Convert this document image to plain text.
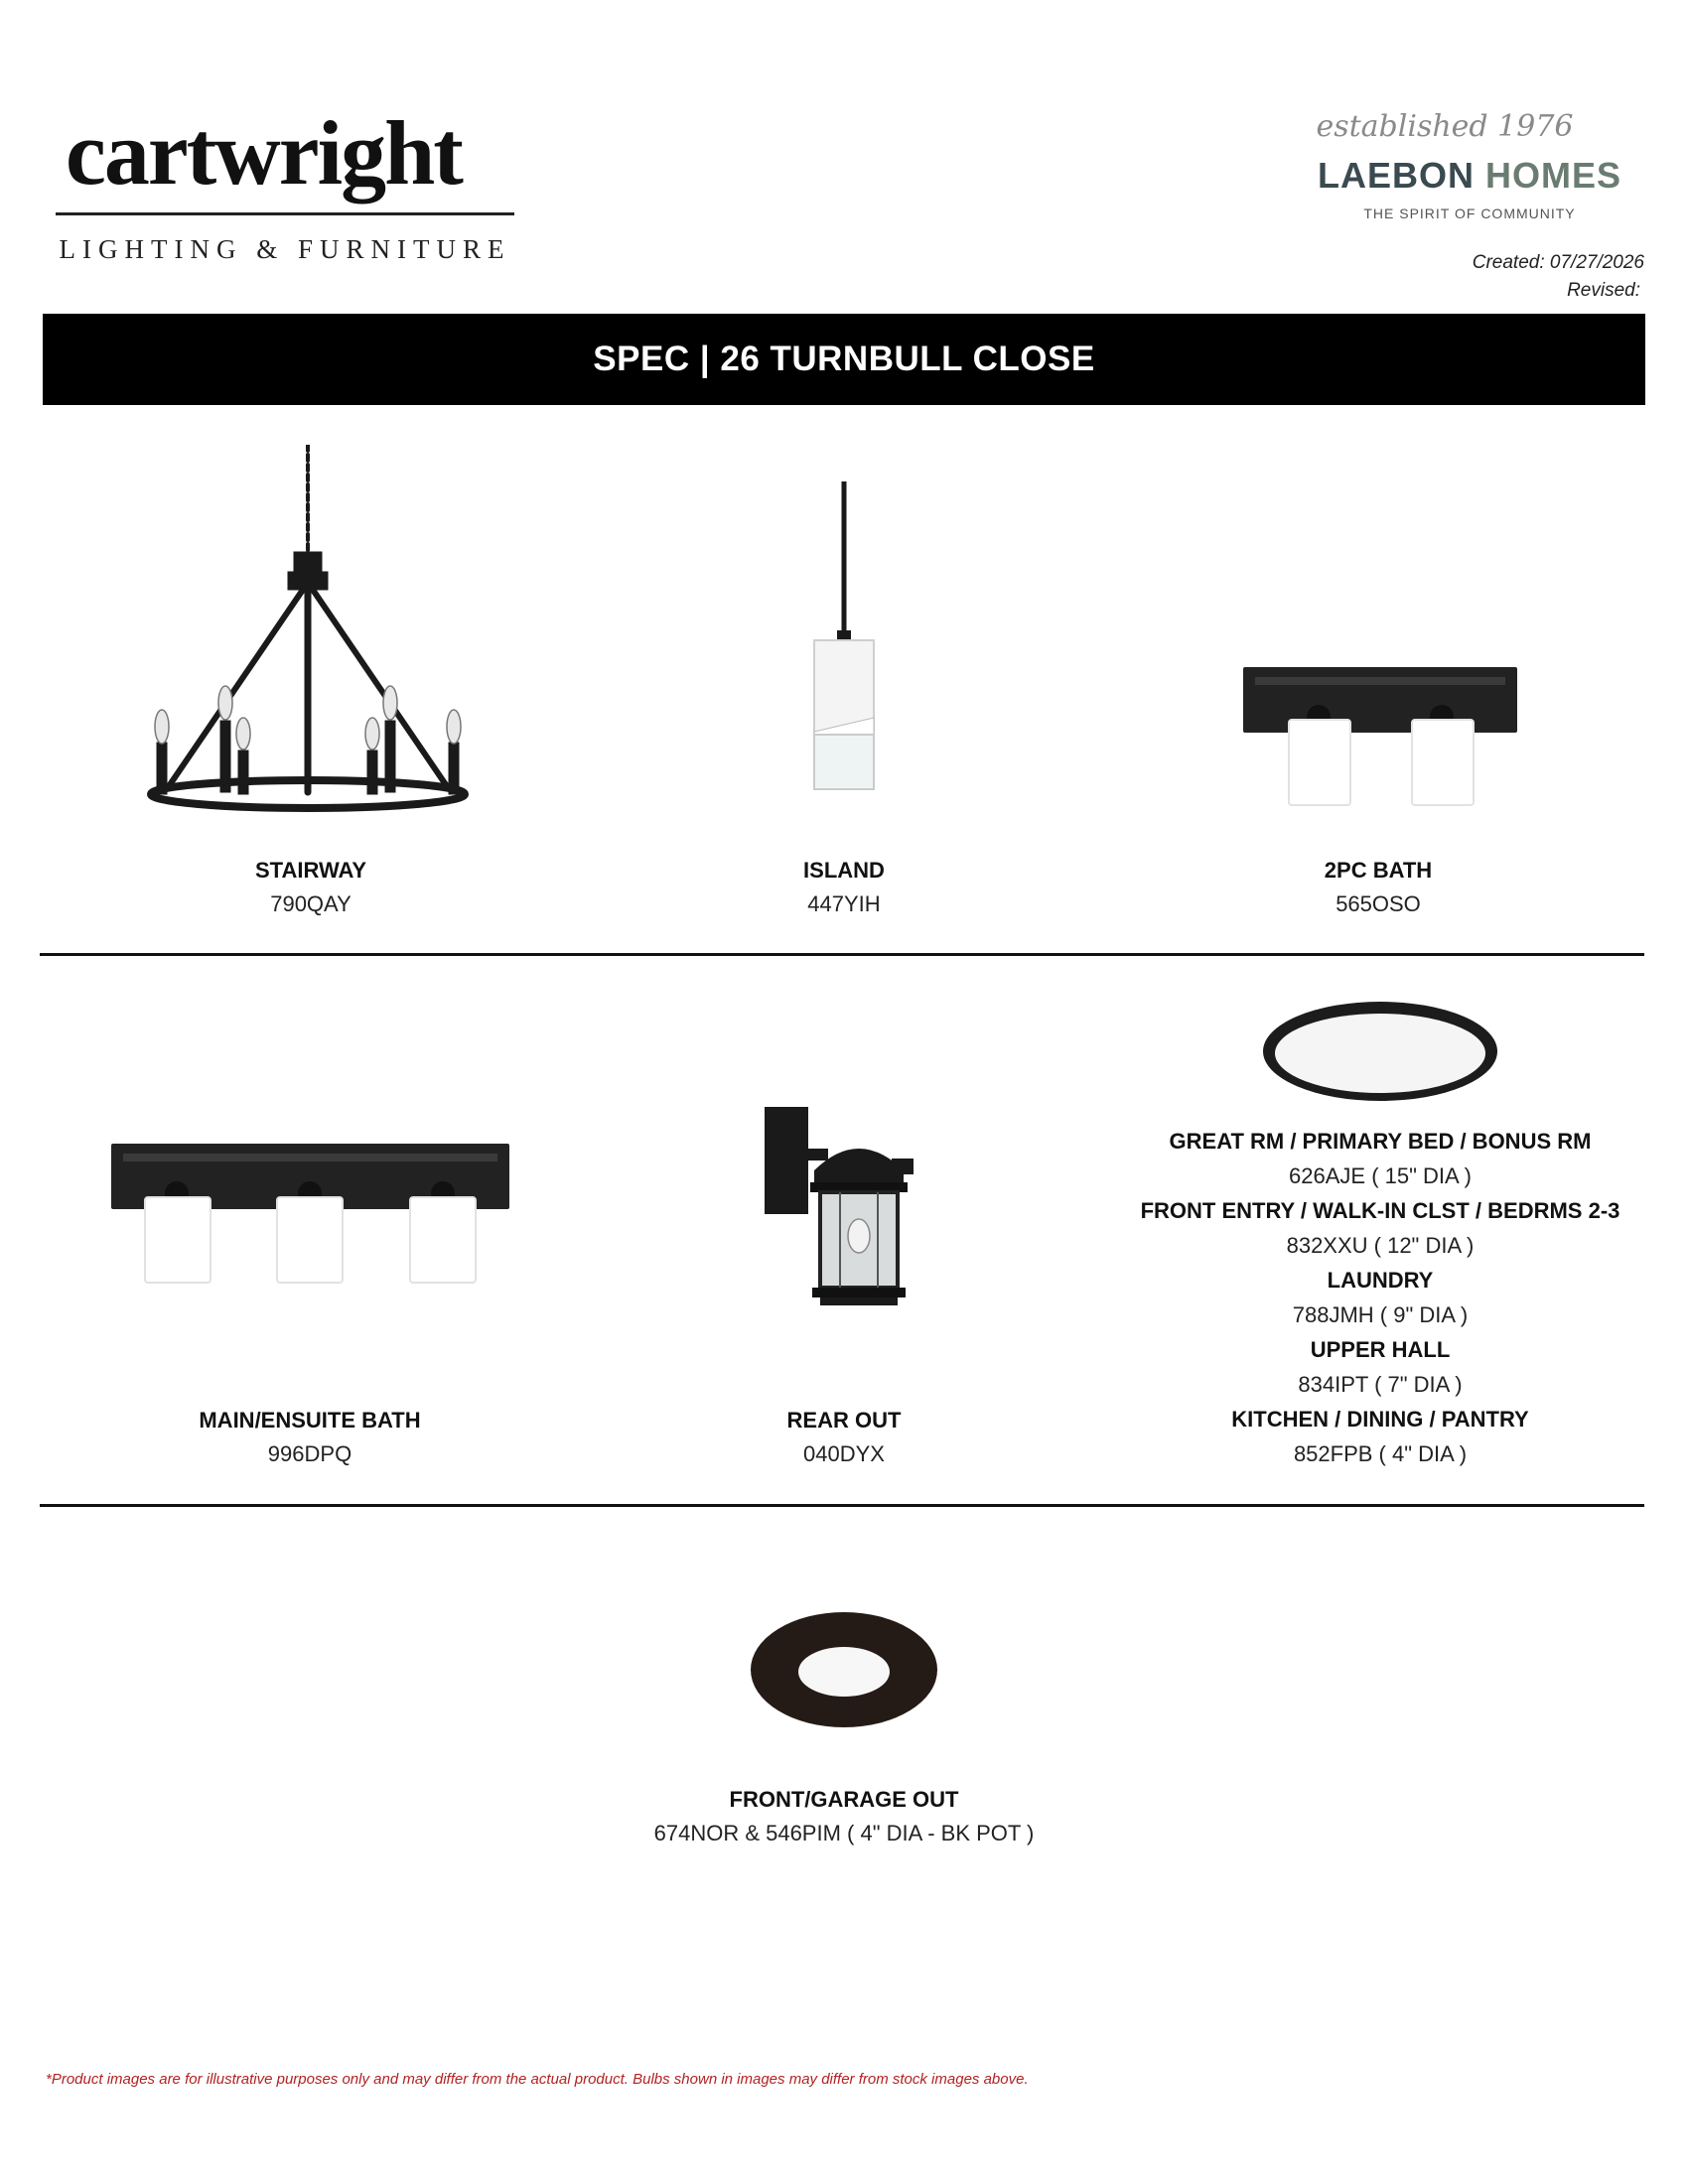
cartwright
LIGHTING & FURNITURE
established 1976
LAEBON HOMES
THE SPIRIT OF COMMUNITY
Created: 07/27/2026
Revised:
SPEC | 26 TURNBULL CLOSE
STAIRWAY
790QAY
ISLAND
447YIH
2PC BATH
565OSO
MAIN/ENSUITE BATH
996DPQ
REAR OUT
040DYX
GREAT RM / PRIMARY BED / BONUS RM
626AJE ( 15" DIA )
FRONT ENTRY / WALK-IN CLST / BEDRMS 2-3
832XXU ( 12" DIA )
LAUNDRY
788JMH ( 9" DIA )
UPPER HALL
834IPT ( 7" DIA )
KITCHEN / DINING / PANTRY
852FPB ( 4" DIA )
FRONT/GARAGE OUT
674NOR & 546PIM ( 4" DIA - BK POT )
*Product images are for illustrative purposes only and may differ from the actual product. Bulbs shown in images may differ from stock images above.
